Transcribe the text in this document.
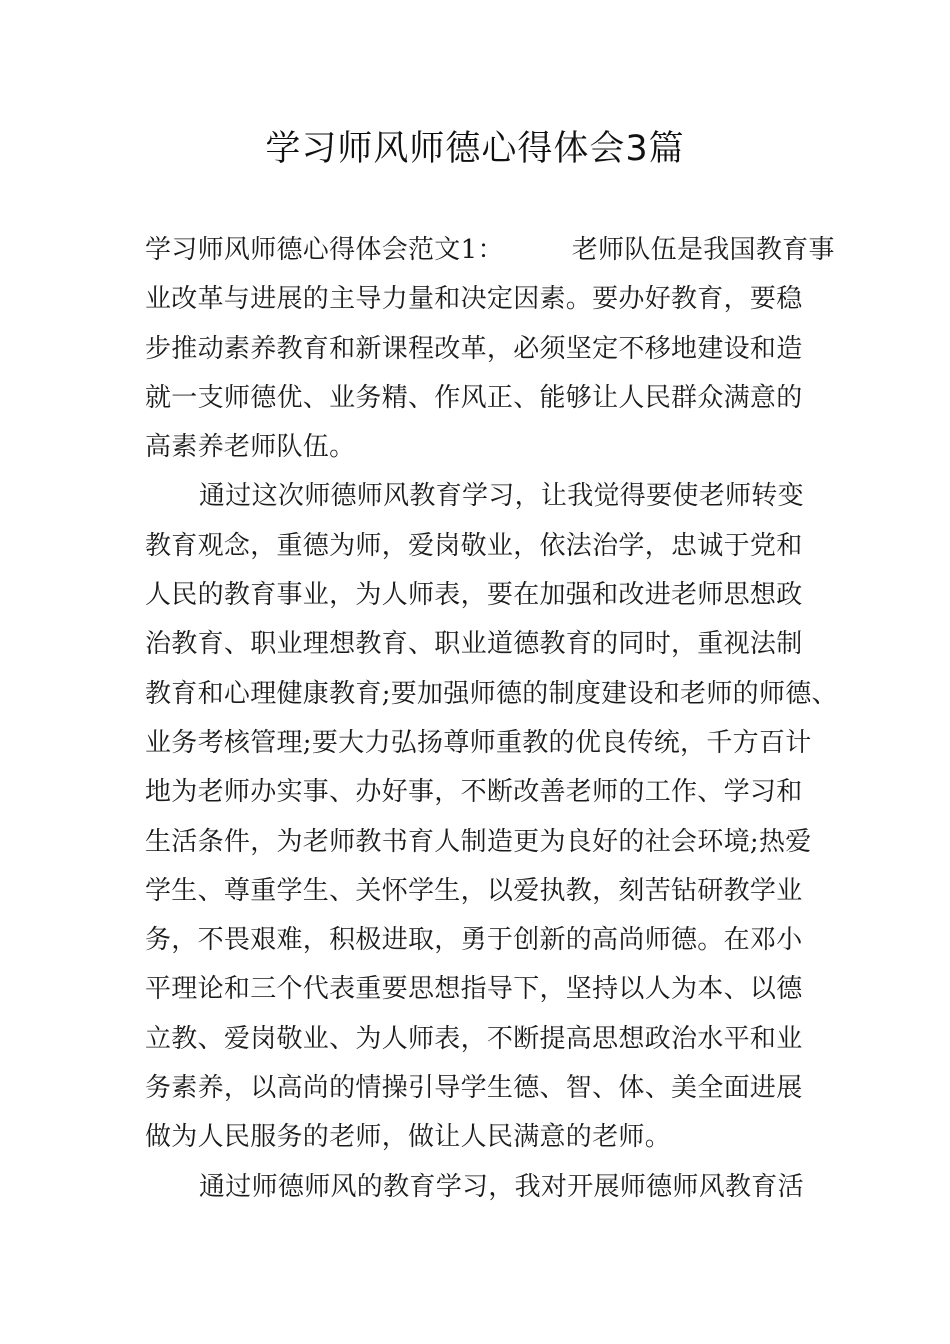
学习师风师德心得体会3篇
学习师风师德心得体会范文1：	老师队伍是我国教育事
业改革与进展的主导力量和决定因素。要办好教育，要稳
步推动素养教育和新课程改革，必须坚定不移地建设和造
就一支师德优、业务精、作风正、能够让人民群众满意的
高素养老师队伍。
通过这次师德师风教育学习，让我觉得要使老师转变
教育观念，重德为师，爱岗敬业，依法治学，忠诚于党和
人民的教育事业，为人师表，要在加强和改进老师思想政
治教育、职业理想教育、职业道德教育的同时，重视法制
教育和心理健康教育;要加强师德的制度建设和老师的师德、
业务考核管理;要大力弘扬尊师重教的优良传统，千方百计
地为老师办实事、办好事，不断改善老师的工作、学习和
生活条件，为老师教书育人制造更为良好的社会环境;热爱
学生、尊重学生、关怀学生，以爱执教，刻苦钻研教学业
务，不畏艰难，积极进取，勇于创新的高尚师德。在邓小
平理论和三个代表重要思想指导下，坚持以人为本、以德
立教、爱岗敬业、为人师表，不断提高思想政治水平和业
务素养，以高尚的情操引导学生德、智、体、美全面进展
做为人民服务的老师，做让人民满意的老师。
通过师德师风的教育学习，我对开展师德师风教育活
